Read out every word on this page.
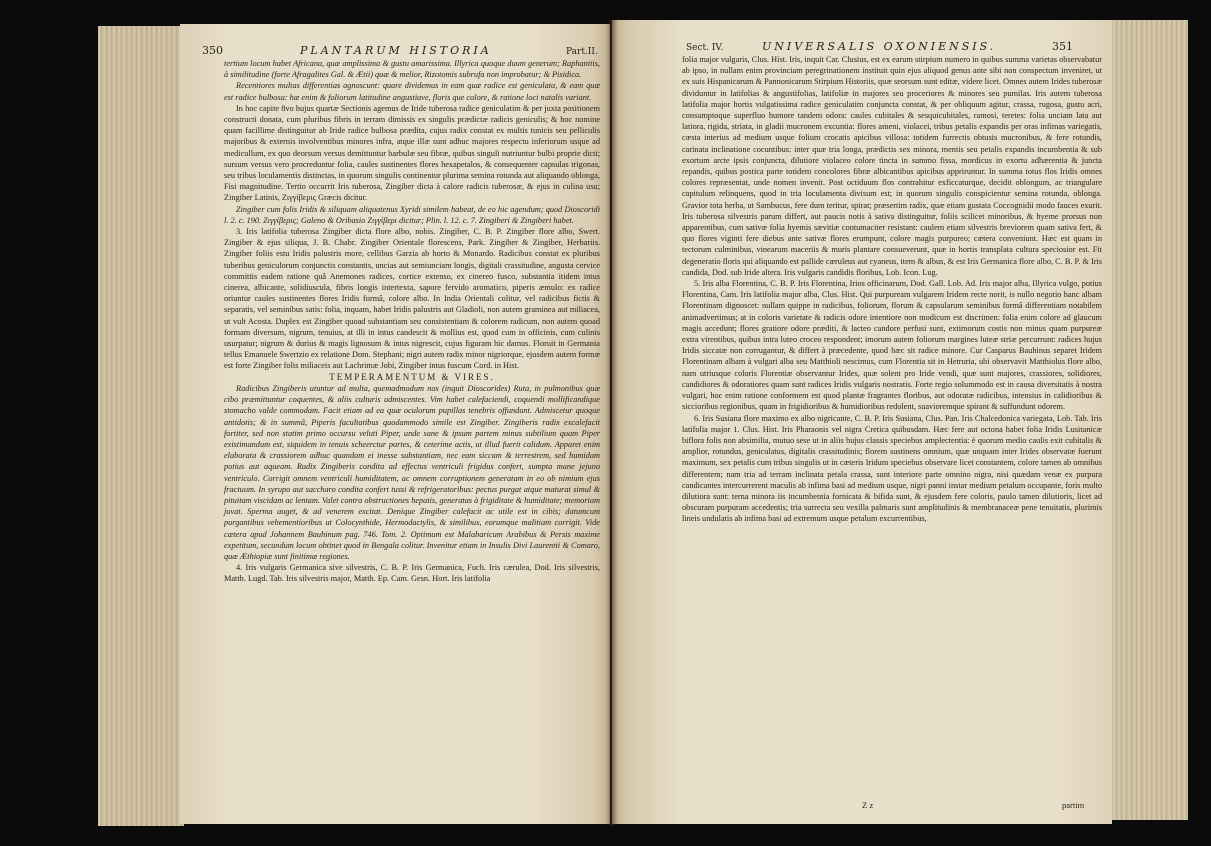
350	PLANTARUM HISTORIA	Part.II.

tertium locum habet Africana, quæ amplissima & gustu amarissima. Illyrica quoque duum generum; Raphanitis, à similitudine (forte Afragalites Gal. & Ætii) quæ & melior, Rizotomis subrufa non improbatur; & Pisidica.

Recentiores multas differentias agnoscunt: quare dividemus in eam quæ radice est geniculata, & eam quæ est radice bulbosa: hæ enim & foliorum latitudine angustiave, floris que colore, & ratione loci natalis variant.

In hoc capite 8vo hujus quartæ Sectionis agemus de Iride tuberosa radice geniculatim & per juxta positionem constructi donata, cum pluribus fibris in terram dimissis ex singulis prædictæ radicis geniculis; & hoc nomine quam facillime distinguitur ab Iride radice bulbosa prædita, cujus radix constat ex multis tunicis seu pelliculis majoribus & externis involventibus minores infra, atque illæ sunt adhuc majores respectu inferiorum usque ad medicullum, ex quo deorsum versus demittuntur barbulæ seu fibræ, quibus singuli nutriuntur bulbi proprie dicti; sursum versus vero procreduntur folia, caules sustinentes flores hexapetalos, & consequenter capsulas trigonas, seu tribus loculamentis distinctas, in quorum singulis continentur plurima semina rotunda aut aliquando oblonga, Fisi magnitudine. Tertio occurrit Iris tuberosa, Zingiber dicta à calore radicis tuberosæ, & ejus in culina usu; Zingiber Latinis, Ζιγγίβερις Græcis dicitur.

Zingiber cum folis Iridis & siliquam aliquatenus Xyridi similem habeat, de eo hic agendum; quod Dioscoridi l. 2. c. 190. Ζιγγίβερις; Galeno & Oribasio Ζιγγίβερι dicitur; Plin. l. 12. c. 7. Zingiberi & Zingiberi habet.

3. Iris latifolia tuberosa Zingiber dicta flore albo, nobis. Zingiber, C. B. P. Zingiber flore albo, Swert. Zingiber & ejus siliqua, J. B. Chabr. Zingiber Orientale florescens, Park. Zingiber & Zingiber, Herbariis. Zingiber foliis estu Iridis palustris more, cellibus Garzia ab horto & Monardo. Radicibus constat ex pluribus tuberibus geniculorum conjunctis constantis, uncias aut semiunciam longis, digitali crassitudine, angusta cervice committis eadem ratione quâ Anemones radices, cortice extenso, ex cinereo fusco, substantia itidem intus cinerea, albicante, solidiuscula, fibris longis intertexta, sapore fervido aromatico, piperis æmulo: ex radice oriuntur caules sustinentes flores Iridis formâ, colore albo. In India Orientali colitur, vel radicibus fictis & separatis, vel seminibus satis: folia, inquam, habet Iridis palustris aut Gladioli, non autem graminea aut miliacea, ut vult Acosta. Duplex est Zingiber quoad substantiam seu consistentiam & colorem radicum, non autem quoad formam diversum, nigrum, tenuius, at illi in intus candescit & mollius est, quod cum in officinis, cum culinis usurpatur; nigrum & durius & magis lignosum & intus nigrescit, cujus figuram hic damus. Floruit in Germania tellus Emanuele Swertzio ex relatione Dom. Stephani; nigri autem radix minor nigriorque, ejusdem autem formæ est forte Zingiber folis miliaceis aut Lachrimæ Jobi, Zingiber intus fuscum Cord. in Hist.

TEMPERAMENTUM & VIRES.

Radicibus Zingiberis utuntur ad multa, quemadmodum nos (inquit Dioscorides) Ruta, in pulmonibus quæ cibo præmittuntur coquentes, & aliis culturis admiscentes. Vim habet calefaciendi, coquendi mollificandique stomacho valde commodam. Facit etiam ad ea quæ oculorum pupillas tenebris offundunt. Admiscetur quoque antidotis; & in summâ, Piperis facultatibus quodammodo simile est Zingiber. Zingiberis radix excalefacit fortiter, sed non statim primo occursu veluti Piper, unde sane & ipsum partem minus subtilium quam Piper existimandum est, siquidem in tenuis scheerctur partes, & ceterime actis, ut illud fuerit calidum. Apparet enim elaborata & crassiorem adhuc quandam ei inesse substantiam, nec eam siccam & terrestrem, sed humidam potius aut aqueam. Radix Zingiberis condita ad effectus ventriculi frigidus confert, sumpta mane jejuno ventriculo. Corrigit omnem ventriculi humiditatem, ac omnem corruptionem generatam in eo ob nimium ejus fractuum. In syrupo aut saccharo condita confert tussi & refrigeratoribus: pectus purgat atque maturat simul & pituitam viscidam ac lentam. Valet contra obstructiones hepatis, generatas à frigiditate & humiditate; memoriam juvat. Sperma auget, & ad venerem excitat. Denique Zingiber calefacit ac utile est in cibis; datumcum purgantibus vehementioribus ut Colocynthide, Hermodactylis, & similibus, eorumque malitiam corrigit. Vide cætera apud Johannem Bauhinum pag. 746. Tom. 2. Optimum est Malabaricum Arabibus & Persis maxime expetitum, secundum locum obtinet quod in Bengala colitur. Invenitur etiam in Insulis Divi Laurentii & Comaro, quæ Æthiopiæ sunt finitimæ regiones.

4. Iris vulgaris Germanica sive silvestris, C. B. P. Iris Germanica, Fuch. Iris cærulea, Dod. Iris silvestris, Matth. Lugd. Tab. Iris silvestris major, Matth. Ep. Cam. Gesn. Hort. Iris latifolia

Sect. IV.	UNIVERSALIS OXONIENSIS.	351

folia major vulgaris, Clus. Hist. Iris, inquit Car. Clusius, est ex earum stirpium numero in quibus summa varietas observabatur ab ipso, in nullam enim provinciam peregrinationem instituit quin ejus aliquod genus ante sibi non conspectum inveniret, ut ex suis Hispanicarum & Pannonicarum Stirpium Historiis, quæ seorsum sunt editæ, videre licet. Omnes autem Irides tuberosæ dividuntur in latifolias & angustifolias, latifoliæ in majores seu proceriores & minores seu pumilas. Iris autem tuberosa latifolia major hortis vulgatissima radice geniculatim conjuncta constat, & per obliquum agitur, crassa, rugosa, gustu acri, consumptoque superfluo humore tandem odora: caules cubitales & sesquicubitales, ramosi, teretes: folia unciam lata aut latiora, rigida, striata, in gladii mucronem excuntia: flores ameni, violacei, tribus petalis expandis per oras infimas variegatis, cæsta interius ad medium usque folium crocatis apicibus villosa: totidem furrectis obtusis mucronibus, & fere rotundis, carinata inclinatione cocuntibus: inter quæ tria longa, prædictis sex minora, mentis seu petalis expandis incumbentia & sub exortum arcte ipsis conjuncta, dilutiore violaceo colore tincta in summo fissa, mordicus in exortu adhærentia & juncta repandis, quibus postica parte totidem concolores fibræ albicantibus apicibus appriruntur. In summa totus flos Iridis omnes colores repræsentat, unde nomen invenit. Post octiduum flos contrahitur exficcaturque, decidit oblongum, ac triangulare capitulum relinquens, quod in tria loculamenta divisum est; in quorum singulis conspicientur semina rotunda, oblonga. Gravior tota herba, ut Sambucus, fere dum teritur, spirat; præsertim radix, quæ etiam gustata Coccognidii modo fauces exurit. Iris tuberosa silvestris parum differt, aut paucis notis à sativa distinguitur, foliis scilicet minoribus, & hyeme prorsus non apparentibus, cum sativæ folia hyemis sævitiæ contumaciter resistant: caulem etiam silvestris breviorem quam sativa fert, & quo flores viginti fere diebus ante sativæ flores erumpunt, colore magis purpureo; cætera conveniunt. Hæc est quam in tectorum culminibus, vinearum maceriis & muris plantare consueverunt, quæ in hortis transplata cultura speciosior est. Fit degeneratio floris qui aliquando est pallide cæruleus aut cyaneus, item & albus, & est Iris Germanica flore albo, C. B. P. & Iris candida, Dod. sub Iride altera. Iris vulgaris candidis floribus, Lob. Icon. Lug.

5. Iris alba Florentina, C. B. P. Iris Florentina, Irios officinarum, Dod. Gall. Lob. Ad. Iris major alba, Illyrica vulgo, potius Florentina, Cam. Iris latifolia major alba, Clus. Hist. Qui purpuream vulgarem Iridem recte norit, is nullo negotio hanc albam Florentinam dignoscet: nullam quippe in radicibus, foliorum, florum & capsularum seminibus formâ differentiam notabilem animadvertimus; at in coloris varietate & radicis odore intentiore non modicum est discrimen: folia enim colore ad glaucum magis accedunt; flores gratiore odore præditi, & lacteo candore perfusi sunt, extimorum costis non minus quam purpureæ extra virentibus, quibus intra luteo croceo respondent; imorum autem foliorum margines luteæ striæ percurrunt: radices hujus Iridis siccatæ non corrugantur, & differt à præcedente, quod hæc sit radice minore. Cur Casparus Bauhinus separet Iridem Florentinam albam à vulgari alba seu Matthioli nescimus, cum Florentia sit in Hetruria, ubi observavit Matthiolus flore albo, nam utriusque coloris Florentiæ observantur Irides, quæ solent pro Iride vendi, quæ sunt majores, crassiores, solidiores, candidiores & odoratiores quam sunt radices Iridis vulgaris nostratis. Forte regio solummodo est in causa diversitatis à nostra vulgari, hoc enim ratione conformem est quod plantæ fragrantes floribus, aut odoratæ radicibus, intensius in calidioribus & siccioribus regionibus, quam in frigidioribus & humidioribus redolent, suavioremque spirant & suffundunt odorem.

6. Iris Susiana flore maximo ex albo nigricante, C. B. P. Iris Susiana, Clus. Pan. Iris Chalcedonica variegata, Lob. Tab. Iris latifolia major 1. Clus. Hist. Iris Pharaonis vel nigra Cretica quibusdam. Hæc fere aut octona habet folia Iridis Lusitanicæ biflora folis non absimilia, mutuo sese ut in aliis hujus classis speciebus amplectentia: è quorum medio caulis exit cubitalis & amplior, rotundus, geniculatus, digitalis crassitudinis; florem sustinens omnium, quæ unquam inter Irides observatæ fuerunt maximum, sex petalis cum tribus singulis ut in cæteris Iridum speciebus observare licet constantem, colore tamen ab omnibus differentem; nam tria ad terram inclinata petala crassa, sunt interiore parte omnino nigra, nisi quædam venæ ex purpura candicantes intercurrerent maculis ab infima basi ad medium usque, nigri panni instar medium petalum occupante, foris multo dilutiora sunt: terna minora iis incumbentia fornicata & bifida sunt, & ejusdem fere coloris, paulo tamen dilutioris, licet ad obscuram purpuram accedentis; tria surrecta seu vexilla palmaris sunt amplitudinis & membranaceæ pene tenuitatis, plurimis lineis undulatis ab infima basi ad extremum usque petalum excurrentibus,

Z z	partim
